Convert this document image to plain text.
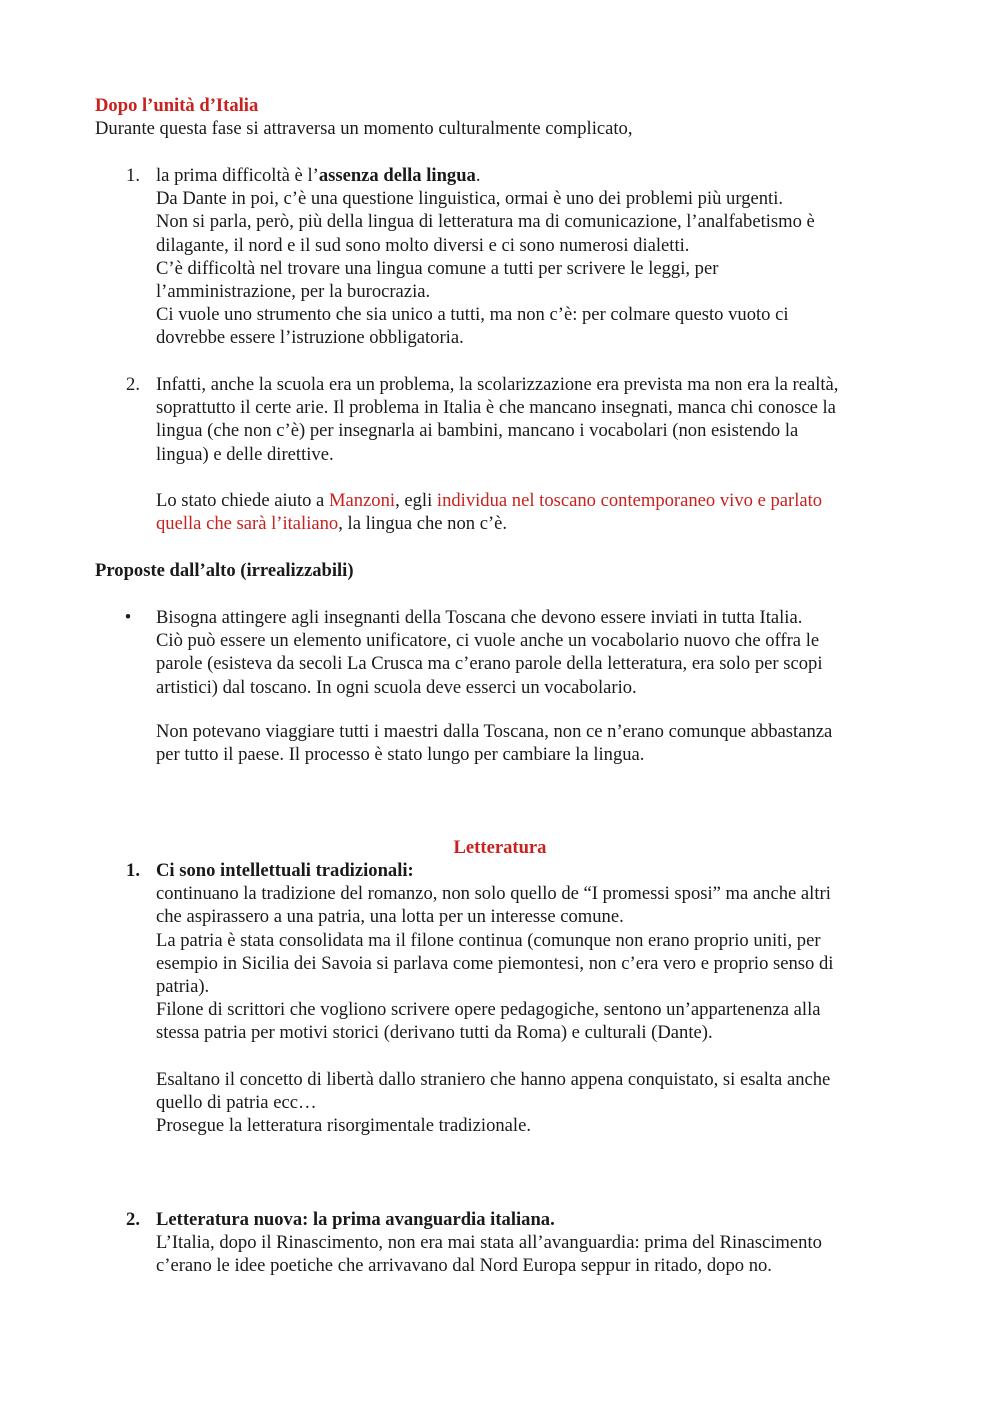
Dopo l’unità d’Italia
Durante questa fase si attraversa un momento culturalmente complicato,
1. la prima difficoltà è l’assenza della lingua.
Da Dante in poi, c’è una questione linguistica, ormai è uno dei problemi più urgenti.
Non si parla, però, più della lingua di letteratura ma di comunicazione, l’analfabetismo è
dilagante, il nord e il sud sono molto diversi e ci sono numerosi dialetti.
C’è difficoltà nel trovare una lingua comune a tutti per scrivere le leggi, per
l’amministrazione, per la burocrazia.
Ci vuole uno strumento che sia unico a tutti, ma non c’è: per colmare questo vuoto ci
dovrebbe essere l’istruzione obbligatoria.
2. Infatti, anche la scuola era un problema, la scolarizzazione era prevista ma non era la realtà,
soprattutto il certe arie. Il problema in Italia è che mancano insegnati, manca chi conosce la
lingua (che non c’è) per insegnarla ai bambini, mancano i vocabolari (non esistendo la
lingua) e delle direttive.
Lo stato chiede aiuto a Manzoni, egli individua nel toscano contemporaneo vivo e parlato
quella che sarà l’italiano, la lingua che non c’è.
Proposte dall’alto (irrealizzabili)
•	Bisogna attingere agli insegnanti della Toscana che devono essere inviati in tutta Italia.
Ciò può essere un elemento unificatore, ci vuole anche un vocabolario nuovo che offra le
parole (esisteva da secoli La Crusca ma c’erano parole della letteratura, era solo per scopi
artistici) dal toscano. In ogni scuola deve esserci un vocabolario.
Non potevano viaggiare tutti i maestri dalla Toscana, non ce n’erano comunque abbastanza
per tutto il paese. Il processo è stato lungo per cambiare la lingua.
Letteratura
1. Ci sono intellettuali tradizionali:
continuano la tradizione del romanzo, non solo quello de “I promessi sposi” ma anche altri
che aspirassero a una patria, una lotta per un interesse comune.
La patria è stata consolidata ma il filone continua (comunque non erano proprio uniti, per
esempio in Sicilia dei Savoia si parlava come piemontesi, non c’era vero e proprio senso di
patria).
Filone di scrittori che vogliono scrivere opere pedagogiche, sentono un’appartenenza alla
stessa patria per motivi storici (derivano tutti da Roma) e culturali (Dante).
Esaltano il concetto di libertà dallo straniero che hanno appena conquistato, si esalta anche
quello di patria ecc…
Prosegue la letteratura risorgimentale tradizionale.
2. Letteratura nuova: la prima avanguardia italiana.
L’Italia, dopo il Rinascimento, non era mai stata all’avanguardia: prima del Rinascimento
c’erano le idee poetiche che arrivavano dal Nord Europa seppur in ritado, dopo no.
